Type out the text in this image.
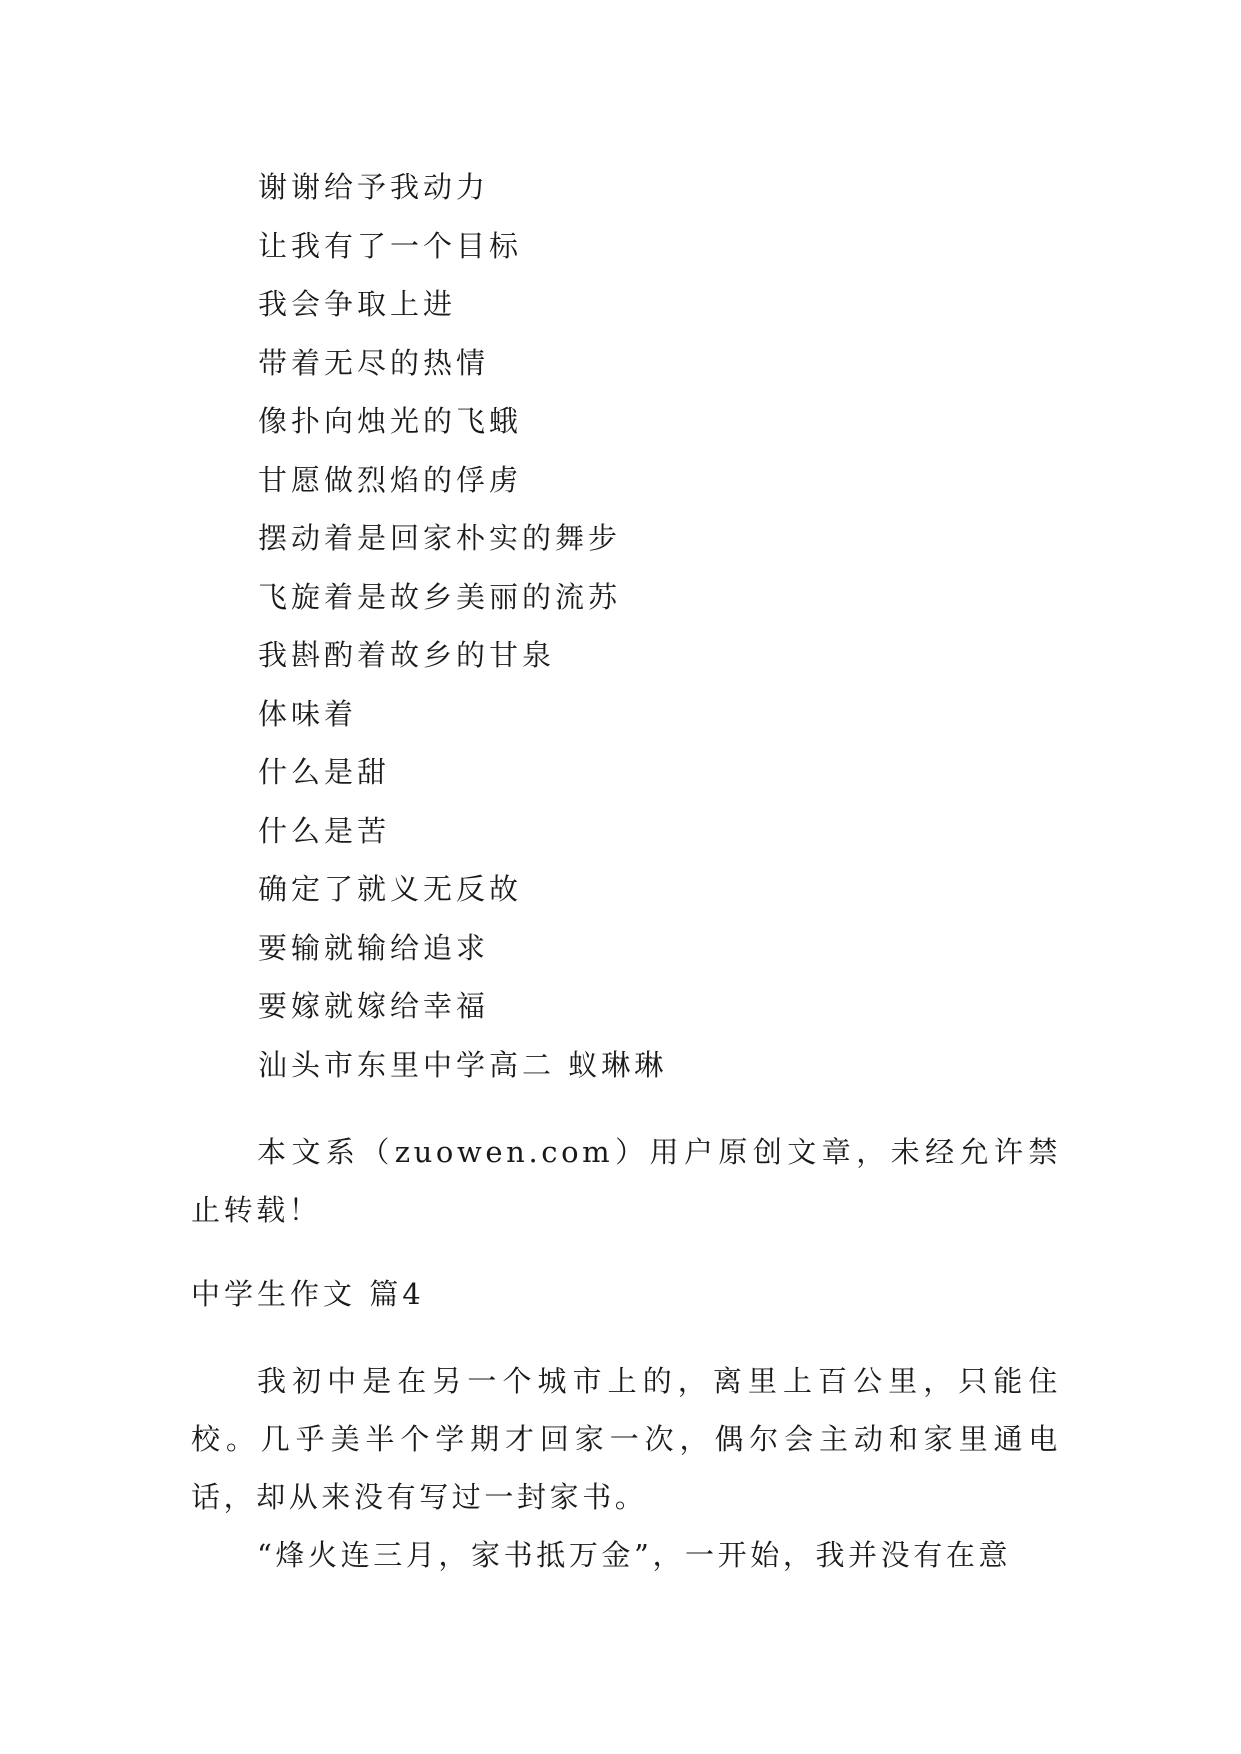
谢谢给予我动力
让我有了一个目标
我会争取上进
带着无尽的热情
像扑向烛光的飞蛾
甘愿做烈焰的俘虏
摆动着是回家朴实的舞步
飞旋着是故乡美丽的流苏
我斟酌着故乡的甘泉
体味着
什么是甜
什么是苦
确定了就义无反故
要输就输给追求
要嫁就嫁给幸福
汕头市东里中学高二 蚁琳琳

本文系（zuowen.com）用户原创文章，未经允许禁止转载！

中学生作文 篇4

我初中是在另一个城市上的，离里上百公里，只能住校。几乎美半个学期才回家一次，偶尔会主动和家里通电话，却从来没有写过一封家书。

“烽火连三月，家书抵万金”，一开始，我并没有在意
